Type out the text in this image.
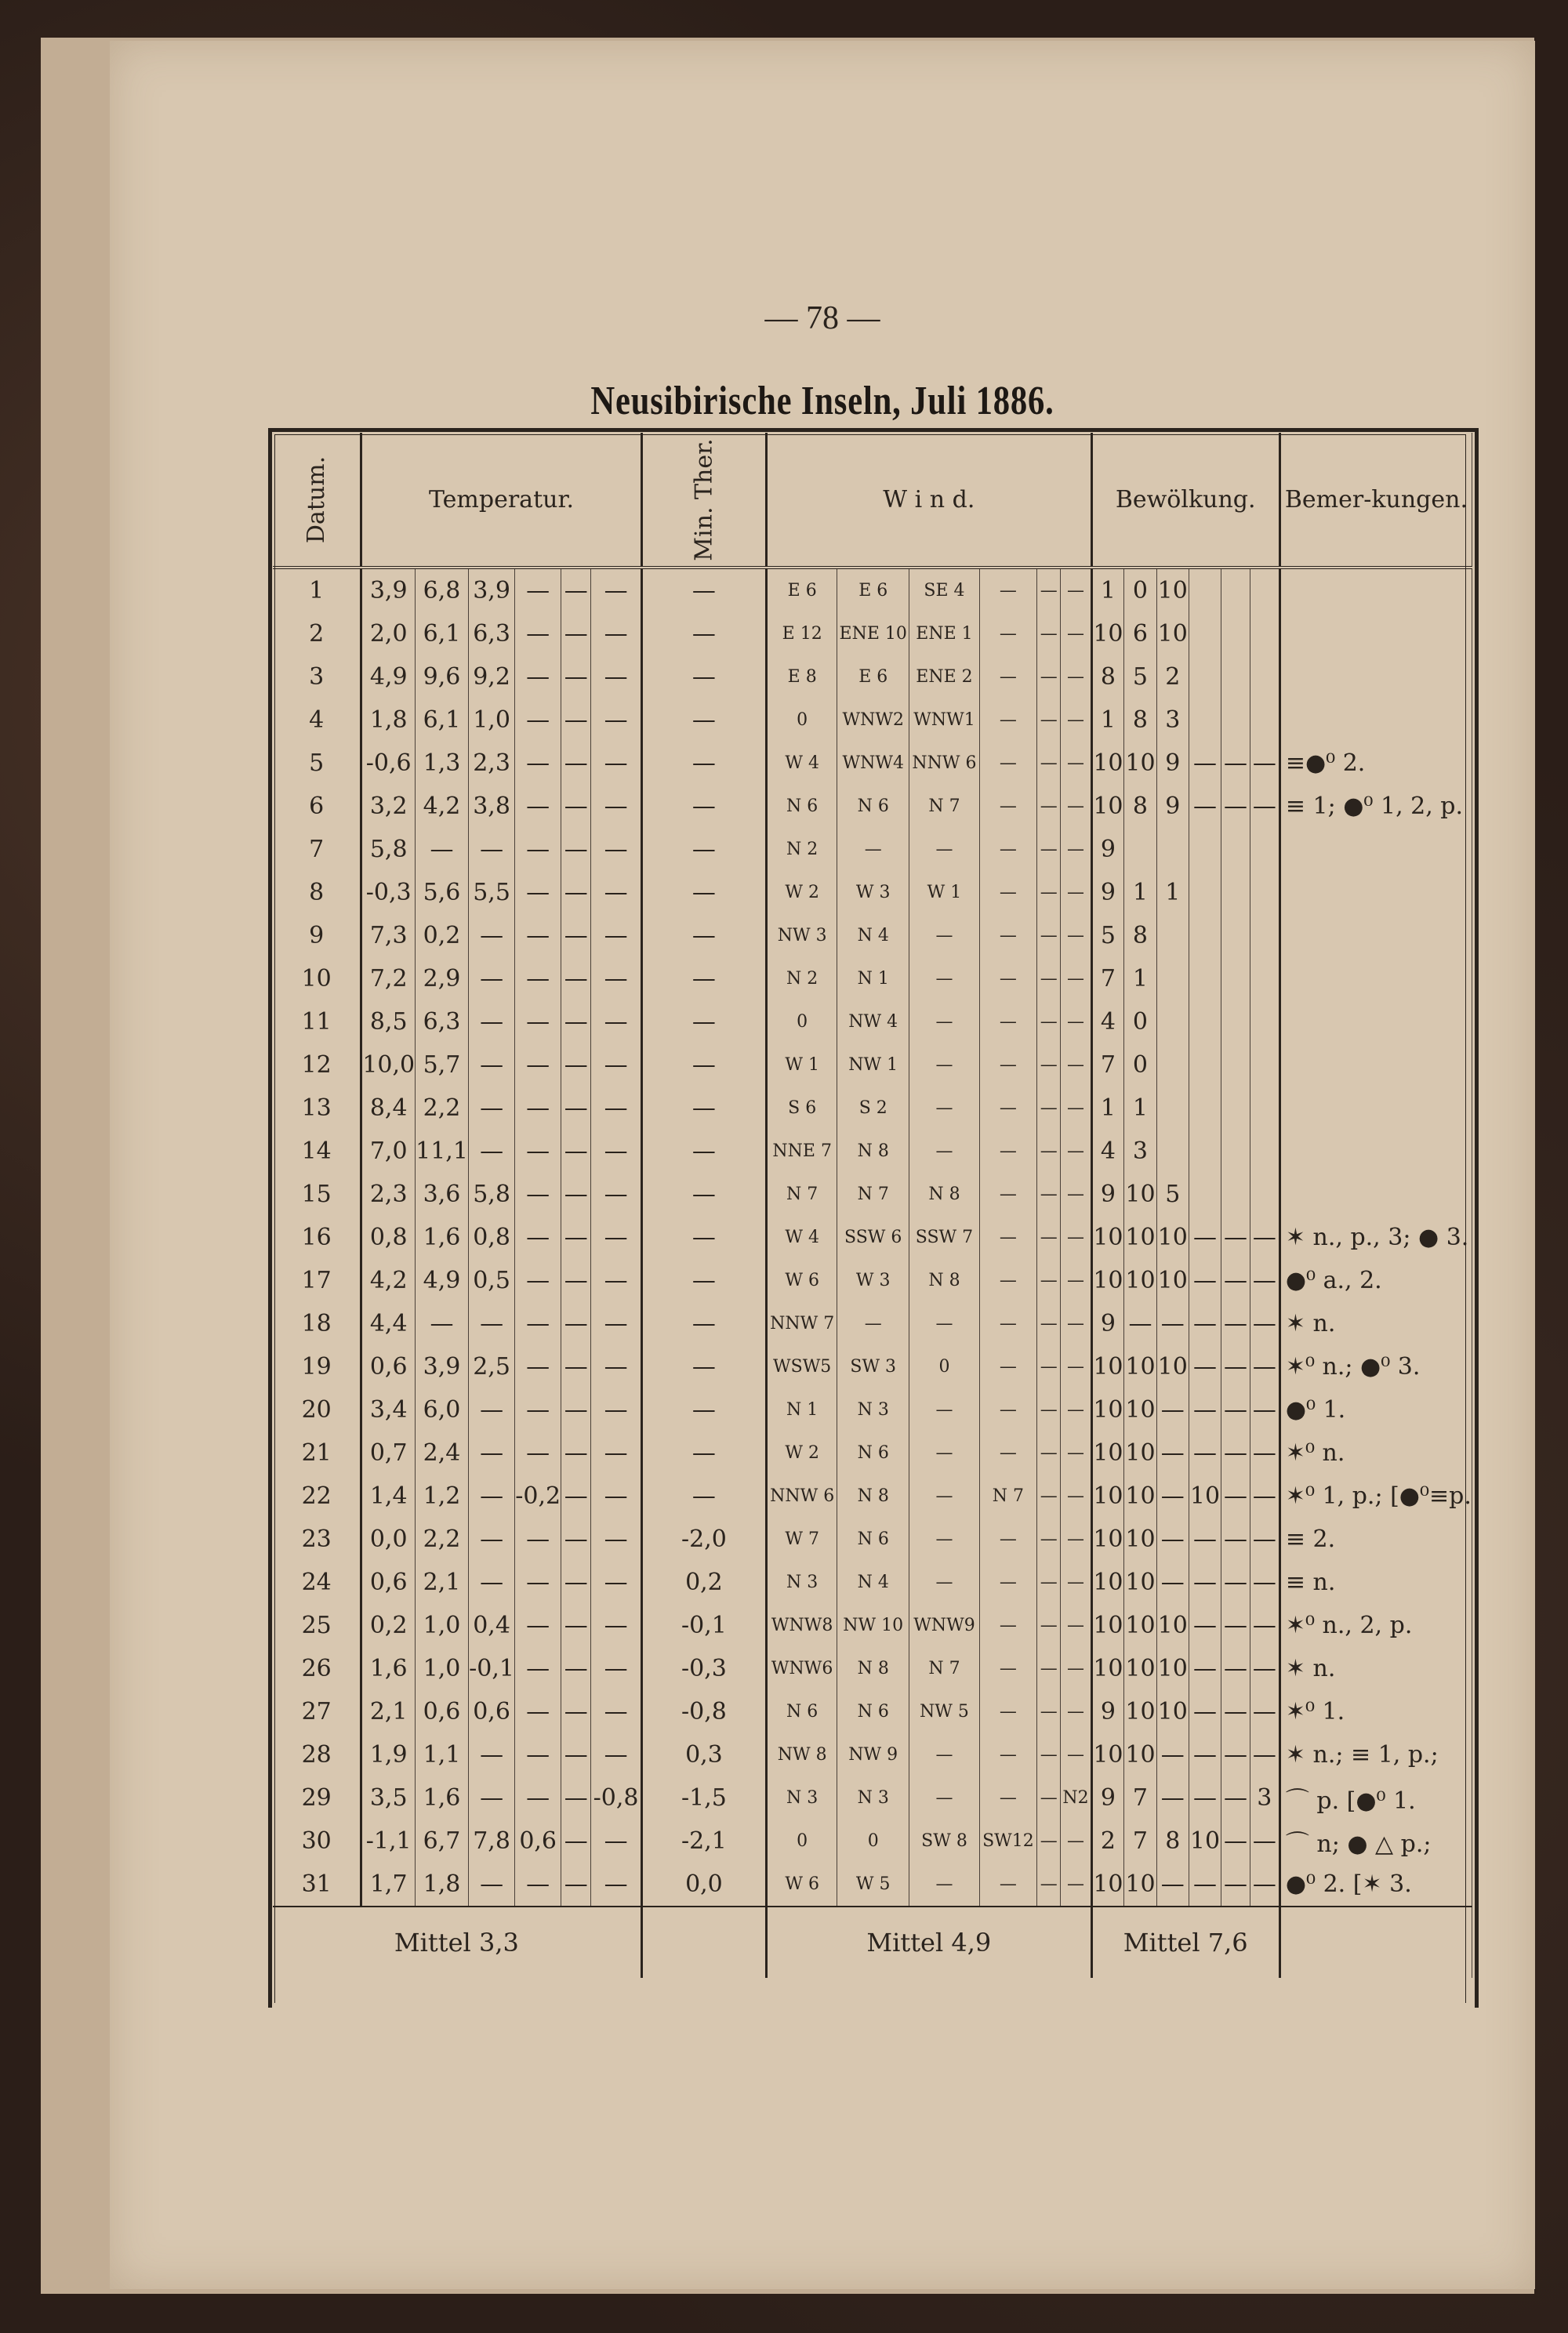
— 78 —
Neusibirische Inseln, Juli 1886.
Datum.	Temperatur.						Min. Ther.	W i n d.						Bewölkung.						Bemer-kungen.
1	3,9	6,8	3,9	—	—	—	—	E 6	E 6	SE 4	—	—	—	1	0	10				
2	2,0	6,1	6,3	—	—	—	—	E 12	ENE 10	ENE 1	—	—	—	10	6	10				
3	4,9	9,6	9,2	—	—	—	—	E 8	E 6	ENE 2	—	—	—	8	5	2				
4	1,8	6,1	1,0	—	—	—	—	0	WNW2	WNW1	—	—	—	1	8	3				
5	-0,6	1,3	2,3	—	—	—	—	W 4	WNW4	NNW 6	—	—	—	10	10	9	—	—	—	≡●⁰ 2.
6	3,2	4,2	3,8	—	—	—	—	N 6	N 6	N 7	—	—	—	10	8	9	—	—	—	≡ 1; ●⁰ 1, 2, p.
7	5,8	—	—	—	—	—	—	N 2	—	—	—	—	—	9						
8	-0,3	5,6	5,5	—	—	—	—	W 2	W 3	W 1	—	—	—	9	1	1				
9	7,3	0,2	—	—	—	—	—	NW 3	N 4	—	—	—	—	5	8					
10	7,2	2,9	—	—	—	—	—	N 2	N 1	—	—	—	—	7	1					
11	8,5	6,3	—	—	—	—	—	0	NW 4	—	—	—	—	4	0					
12	10,0	5,7	—	—	—	—	—	W 1	NW 1	—	—	—	—	7	0					
13	8,4	2,2	—	—	—	—	—	S 6	S 2	—	—	—	—	1	1					
14	7,0	11,1	—	—	—	—	—	NNE 7	N 8	—	—	—	—	4	3					
15	2,3	3,6	5,8	—	—	—	—	N 7	N 7	N 8	—	—	—	9	10	5				
16	0,8	1,6	0,8	—	—	—	—	W 4	SSW 6	SSW 7	—	—	—	10	10	10	—	—	—	✶ n., p., 3; ● 3.
17	4,2	4,9	0,5	—	—	—	—	W 6	W 3	N 8	—	—	—	10	10	10	—	—	—	●⁰ a., 2.
18	4,4	—	—	—	—	—	—	NNW 7	—	—	—	—	—	9	—	—	—	—	—	✶ n.
19	0,6	3,9	2,5	—	—	—	—	WSW5	SW 3	0	—	—	—	10	10	10	—	—	—	✶⁰ n.; ●⁰ 3.
20	3,4	6,0	—	—	—	—	—	N 1	N 3	—	—	—	—	10	10	—	—	—	—	●⁰ 1.
21	0,7	2,4	—	—	—	—	—	W 2	N 6	—	—	—	—	10	10	—	—	—	—	✶⁰ n.
22	1,4	1,2	—	-0,2	—	—	—	NNW 6	N 8	—	N 7	—	—	10	10	—	10	—	—	✶⁰ 1, p.; [●⁰≡p.
23	0,0	2,2	—	—	—	—	-2,0	W 7	N 6	—	—	—	—	10	10	—	—	—	—	≡ 2.
24	0,6	2,1	—	—	—	—	0,2	N 3	N 4	—	—	—	—	10	10	—	—	—	—	≡ n.
25	0,2	1,0	0,4	—	—	—	-0,1	WNW8	NW 10	WNW9	—	—	—	10	10	10	—	—	—	✶⁰ n., 2, p.
26	1,6	1,0	-0,1	—	—	—	-0,3	WNW6	N 8	N 7	—	—	—	10	10	10	—	—	—	✶ n.
27	2,1	0,6	0,6	—	—	—	-0,8	N 6	N 6	NW 5	—	—	—	9	10	10	—	—	—	✶⁰ 1.
28	1,9	1,1	—	—	—	—	0,3	NW 8	NW 9	—	—	—	—	10	10	—	—	—	—	✶ n.; ≡ 1, p.;
29	3,5	1,6	—	—	—	-0,8	-1,5	N 3	N 3	—	—	—	N2	9	7	—	—	—	3	⌒ p. [●⁰ 1.
30	-1,1	6,7	7,8	0,6	—	—	-2,1	0	0	SW 8	SW12	—	—	2	7	8	10	—	—	⌒ n; ● △ p.;
31	1,7	1,8	—	—	—	—	0,0	W 6	W 5	—	—	—	—	10	10	—	—	—	—	●⁰ 2. [✶ 3.
Mittel 3,3								Mittel 4,9						Mittel 7,6						
